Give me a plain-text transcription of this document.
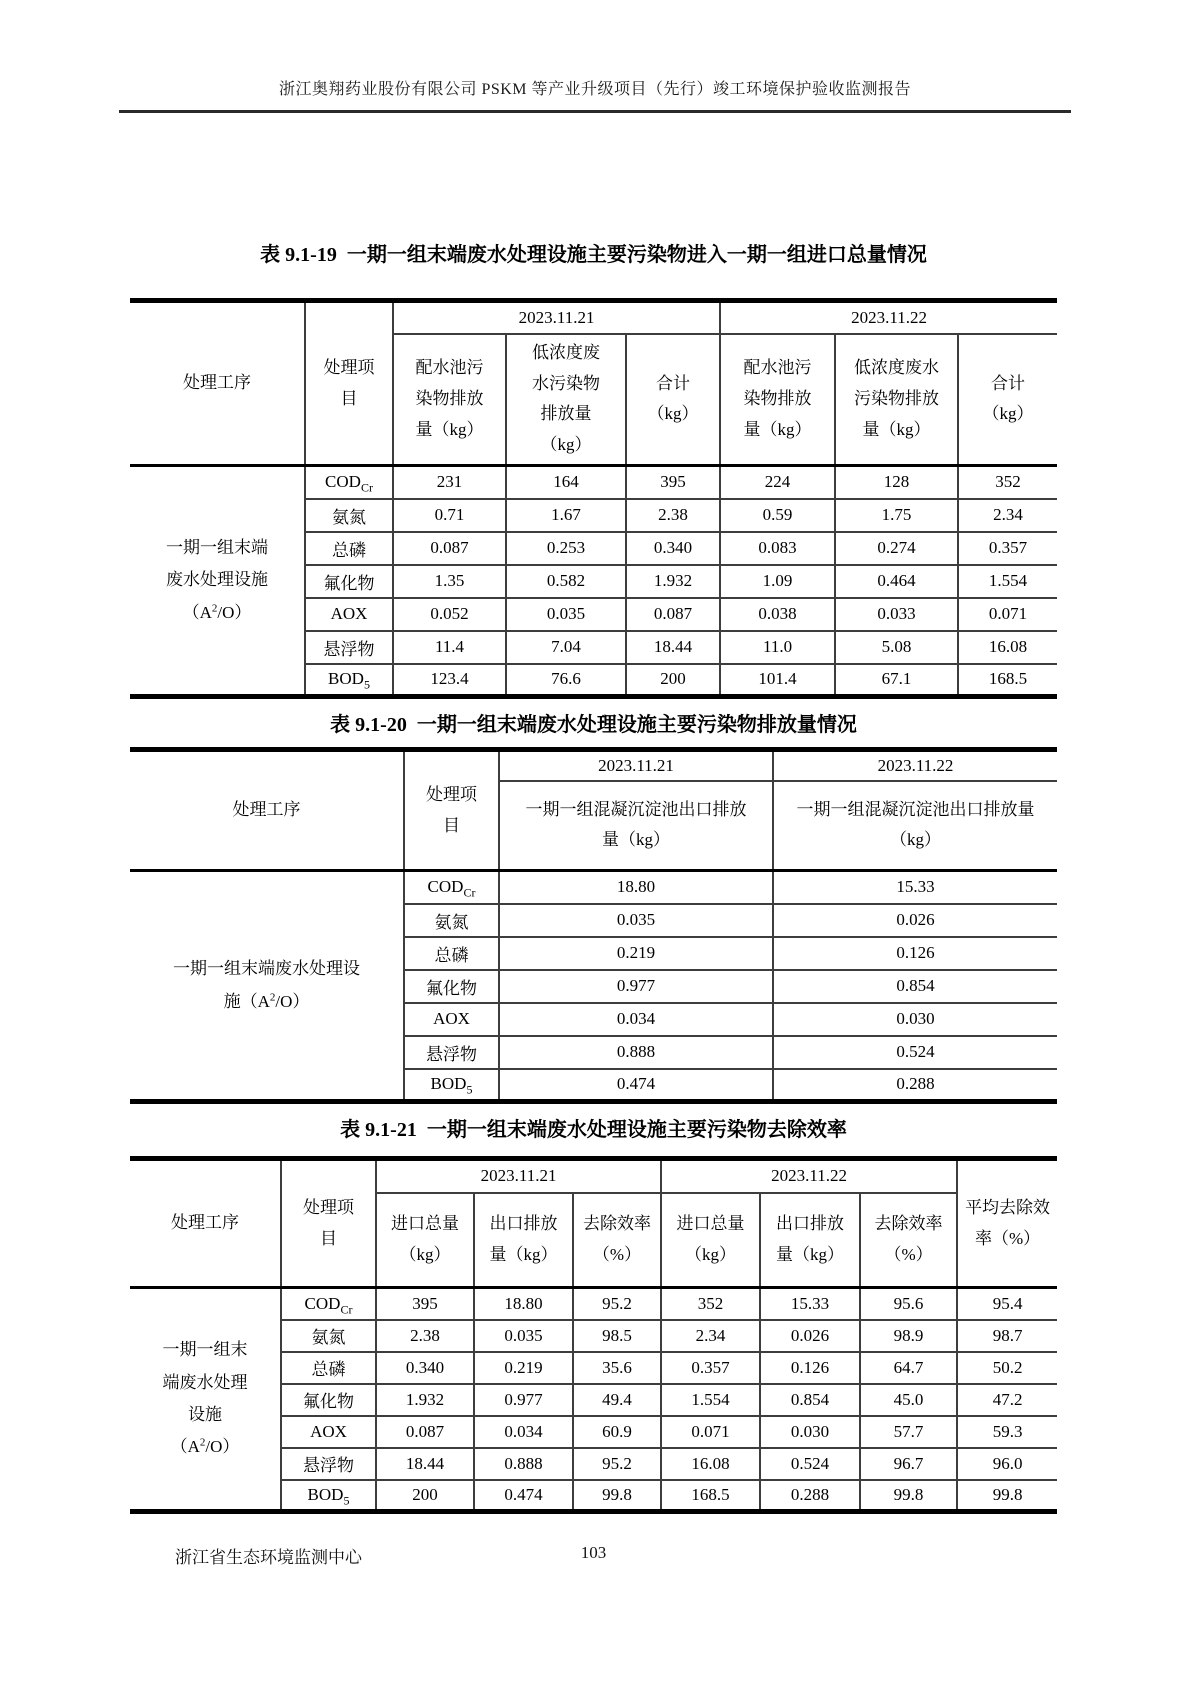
浙江奥翔药业股份有限公司 PSKM 等产业升级项目（先行）竣工环境保护验收监测报告
表 9.1-19  一期一组末端废水处理设施主要污染物进入一期一组进口总量情况
处理工序	处理项目	2023.11.21			2023.11.22		
		配水池污染物排放量（kg）	低浓度废水污染物排放量（kg）	合计（kg）	配水池污染物排放量（kg）	低浓度废水污染物排放量（kg）	合计（kg）
一期一组末端废水处理设施$(A^2/O)$	$COD_{Cr}$	231	164	395	224	128	352
	氨氮	0.71	1.67	2.38	0.59	1.75	2.34
	总磷	0.087	0.253	0.340	0.083	0.274	0.357
	氟化物	1.35	0.582	1.932	1.09	0.464	1.554
	AOX	0.052	0.035	0.087	0.038	0.033	0.071
	悬浮物	11.4	7.04	18.44	11.0	5.08	16.08
	$BOD_5$	123.4	76.6	200	101.4	67.1	168.5
表 9.1-20  一期一组末端废水处理设施主要污染物排放量情况
处理工序	处理项目	2023.11.21	2023.11.22
		一期一组混凝沉淀池出口排放量（kg）	一期一组混凝沉淀池出口排放量（kg）
一期一组末端废水处理设施$(A^2/O)$	$COD_{Cr}$	18.80	15.33
	氨氮	0.035	0.026
	总磷	0.219	0.126
	氟化物	0.977	0.854
	AOX	0.034	0.030
	悬浮物	0.888	0.524
	$BOD_5$	0.474	0.288
表 9.1-21  一期一组末端废水处理设施主要污染物去除效率
处理工序	处理项目	2023.11.21			2023.11.22			平均去除效率（%）
		进口总量（kg）	出口排放量（kg）	去除效率（%）	进口总量（kg）	出口排放量（kg）	去除效率（%）	
一期一组末端废水处理设施$(A^2/O)$	$COD_{Cr}$	395	18.80	95.2	352	15.33	95.6	95.4
	氨氮	2.38	0.035	98.5	2.34	0.026	98.9	98.7
	总磷	0.340	0.219	35.6	0.357	0.126	64.7	50.2
	氟化物	1.932	0.977	49.4	1.554	0.854	45.0	47.2
	AOX	0.087	0.034	60.9	0.071	0.030	57.7	59.3
	悬浮物	18.44	0.888	95.2	16.08	0.524	96.7	96.0
	$BOD_5$	200	0.474	99.8	168.5	0.288	99.8	99.8
浙江省生态环境监测中心	103
